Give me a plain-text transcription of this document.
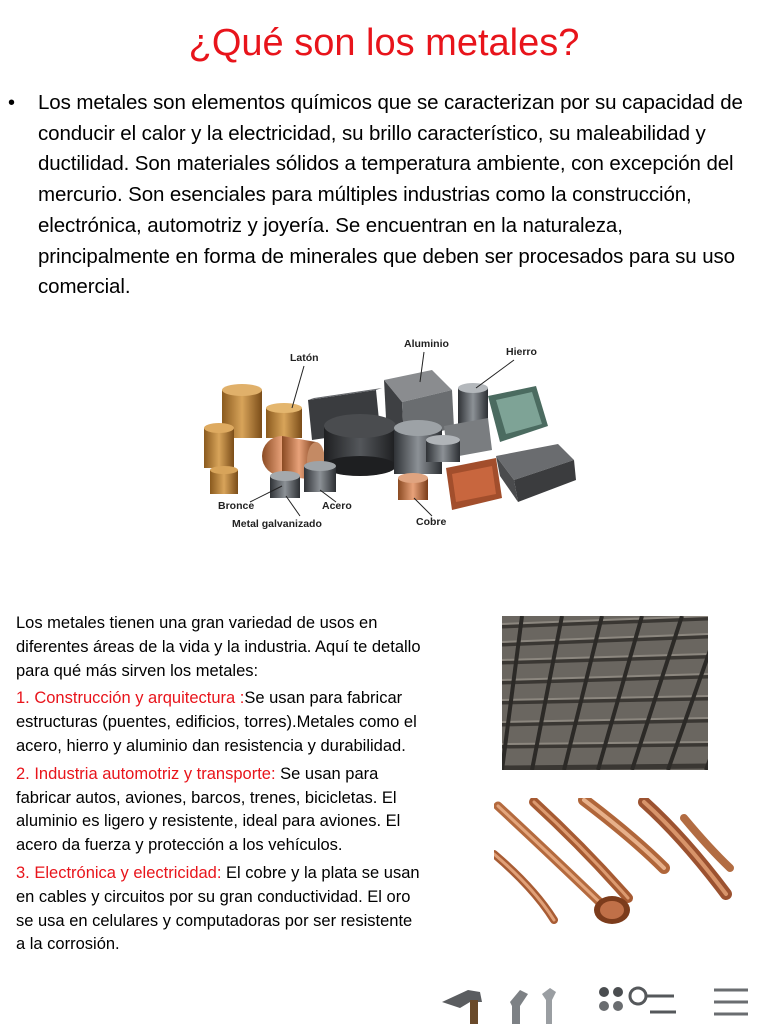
¿Qué son los metales?
• Los metales son elementos químicos que se caracterizan por su capacidad de conducir el calor y la electricidad, su brillo característico, su maleabilidad y ductilidad. Son materiales sólidos a temperatura ambiente, con excepción del mercurio. Son esenciales para múltiples industrias como la construcción, electrónica, automotriz y joyería. Se encuentran en la naturaleza, principalmente en forma de minerales que deben ser procesados para su uso comercial.

Latón
Aluminio
Hierro
Bronce	Acero
Metal galvanizado	Cobre

Los metales tienen una gran variedad de usos en diferentes áreas de la vida y la industria. Aquí te detallo para qué más sirven los metales:

1. Construcción y arquitectura :Se usan para fabricar estructuras (puentes, edificios, torres).Metales como el acero, hierro y aluminio dan resistencia y durabilidad.

2. Industria automotriz y transporte: Se usan para fabricar autos, aviones, barcos, trenes, bicicletas. El aluminio es ligero y resistente, ideal para aviones. El acero da fuerza y protección a los vehículos.

3. Electrónica y electricidad: El cobre y la plata se usan en cables y circuitos por su gran conductividad. El oro se usa en celulares y computadoras por ser resistente a la corrosión.
